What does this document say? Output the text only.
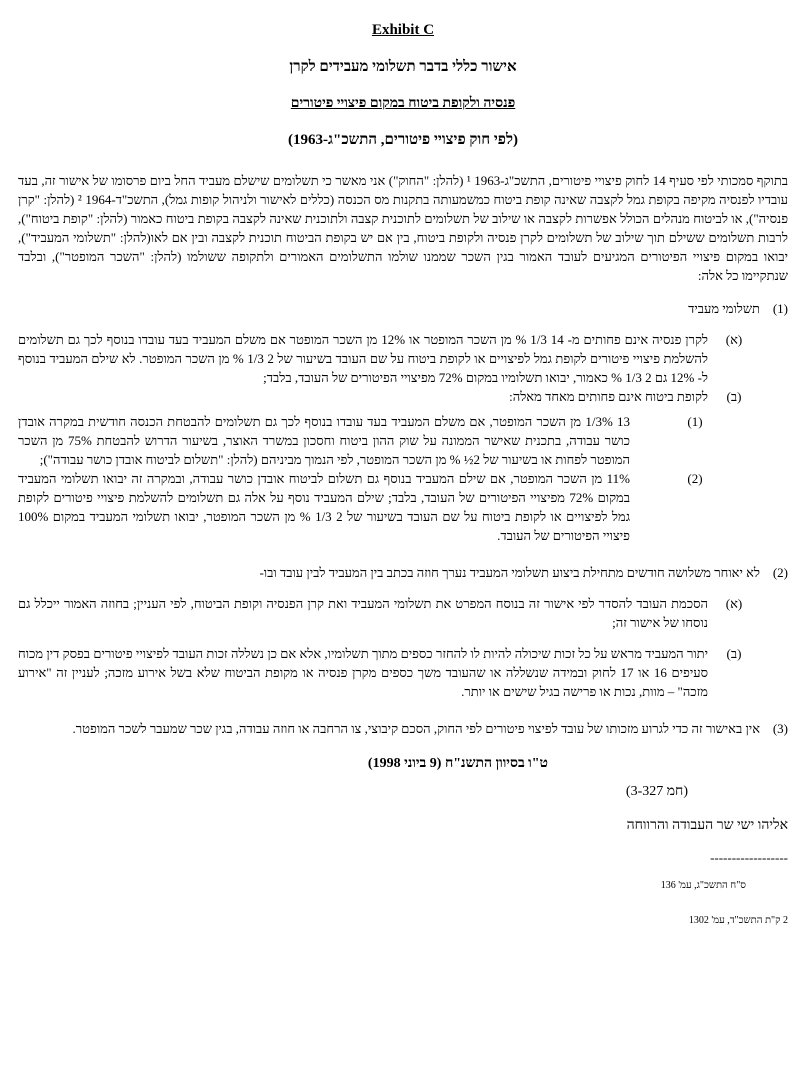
Exhibit C
אישור כללי בדבר תשלומי מעבידים לקרן
פנסיה ולקופת ביטוח במקום פיצויי פיטורים
(לפי חוק פיצויי פיטורים, התשכ"ג-1963)
בתוקף סמכותי לפי סעיף 14 לחוק פיצויי פיטורים, התשכ"ג-1963 ¹ (להלן: "החוק") אני מאשר כי תשלומים שישלם מעביד החל ביום פרסומו של אישור זה, בעד עובדיו לפנסיה מקיפה בקופת גמל לקצבה שאינה קופת ביטוח כמשמעותה בתקנות מס הכנסה (כללים לאישור ולניהול קופות גמל), התשכ"ד-1964 ² (להלן: "קרן פנסיה"), או לביטוח מנהלים הכולל אפשרות לקצבה או שילוב של תשלומים לתוכנית קצבה ולתוכנית שאינה לקצבה בקופת ביטוח כאמור (להלן: "קופת ביטוח"), לרבות תשלומים ששילם תוך שילוב של תשלומים לקרן פנסיה ולקופת ביטוח, בין אם יש בקופת הביטוח תוכנית לקצבה ובין אם לאו(להלן: "תשלומי המעביד"), יבואו במקום פיצויי הפיטורים המגיעים לעובד האמור בגין השכר שממנו שולמו התשלומים האמורים ולתקופה ששולמו (להלן: "השכר המופטר"), ובלבד שנתקיימו כל אלה:
(1)
תשלומי מעביד
(א)
לקרן פנסיה אינם פחותים מ- 14 1/3 % מן השכר המופטר או 12% מן השכר המופטר אם משלם המעביד בעד עובדו בנוסף לכך גם תשלומים להשלמת פיצויי פיטורים לקופת גמל לפיצויים או לקופת ביטוח על שם העובד בשיעור של 2 1/3 % מן השכר המופטר. לא שילם המעביד בנוסף ל- 12% גם 2 1/3 % כאמור, יבואו תשלומיו במקום 72% מפיצויי הפיטורים של העובד, בלבד;
(ב)
לקופת ביטוח אינם פחותים מאחד מאלה:
(1)
13 1/3% מן השכר המופטר, אם משלם המעביד בעד עובדו בנוסף לכך גם תשלומים להבטחת הכנסה חודשית במקרה אובדן כושר עבודה, בתכנית שאישר הממונה על שוק ההון ביטוח וחסכון במשרד האוצר, בשיעור הדרוש להבטחת 75% מן השכר המופטר לפחות או בשיעור של 2½ % מן השכר המופטר, לפי הנמוך מביניהם (להלן: "תשלום לביטוח אובדן כושר עבודה");
(2)
11% מן השכר המופטר, אם שילם המעביד בנוסף גם תשלום לביטוח אובדן כושר עבודה, ובמקרה זה יבואו תשלומי המעביד במקום 72% מפיצויי הפיטורים של העובד, בלבד; שילם המעביד נוסף על אלה גם תשלומים להשלמת פיצויי פיטורים לקופת גמל לפיצויים או לקופת ביטוח על שם העובד בשיעור של 2 1/3 % מן השכר המופטר, יבואו תשלומי המעביד במקום 100% פיצויי הפיטורים של העובד.
(2)
לא יאוחר משלושה חודשים מתחילת ביצוע תשלומי המעביד נערך חוזה בכתב בין המעביד לבין עובד ובו-
(א)
הסכמת העובד להסדר לפי אישור זה בנוסח המפרט את תשלומי המעביד ואת קרן הפנסיה וקופת הביטוח, לפי העניין; בחוזה האמור ייכלל גם נוסחו של אישור זה;
(ב)
יתור המעביד מראש על כל זכות שיכולה להיות לו להחזר כספים מתוך תשלומיו, אלא אם כן נשללה זכות העובד לפיצויי פיטורים בפסק דין מכוח סעיפים 16 או 17 לחוק ובמידה שנשללה או שהעובד משך כספים מקרן פנסיה או מקופת הביטוח שלא בשל אירוע מזכה; לעניין זה "אירוע מזכה" – מוות, נכות או פרישה בגיל שישים או יותר.
(3)
אין באישור זה כדי לגרוע מזכותו של עובד לפיצוי פיטורים לפי החוק, הסכם קיבוצי, צו הרחבה או חוזה עבודה, בגין שכר שמעבר לשכר המופטר.
ט"ו בסיוון התשנ"ח (9 ביוני 1998)
(חמ 3-327)
אליהו ישי שר העבודה והרווחה
------------------
ס"ח התשכ"ג, עמ' 136
2 ק"ת התשכ"ד, עמ' 1302
